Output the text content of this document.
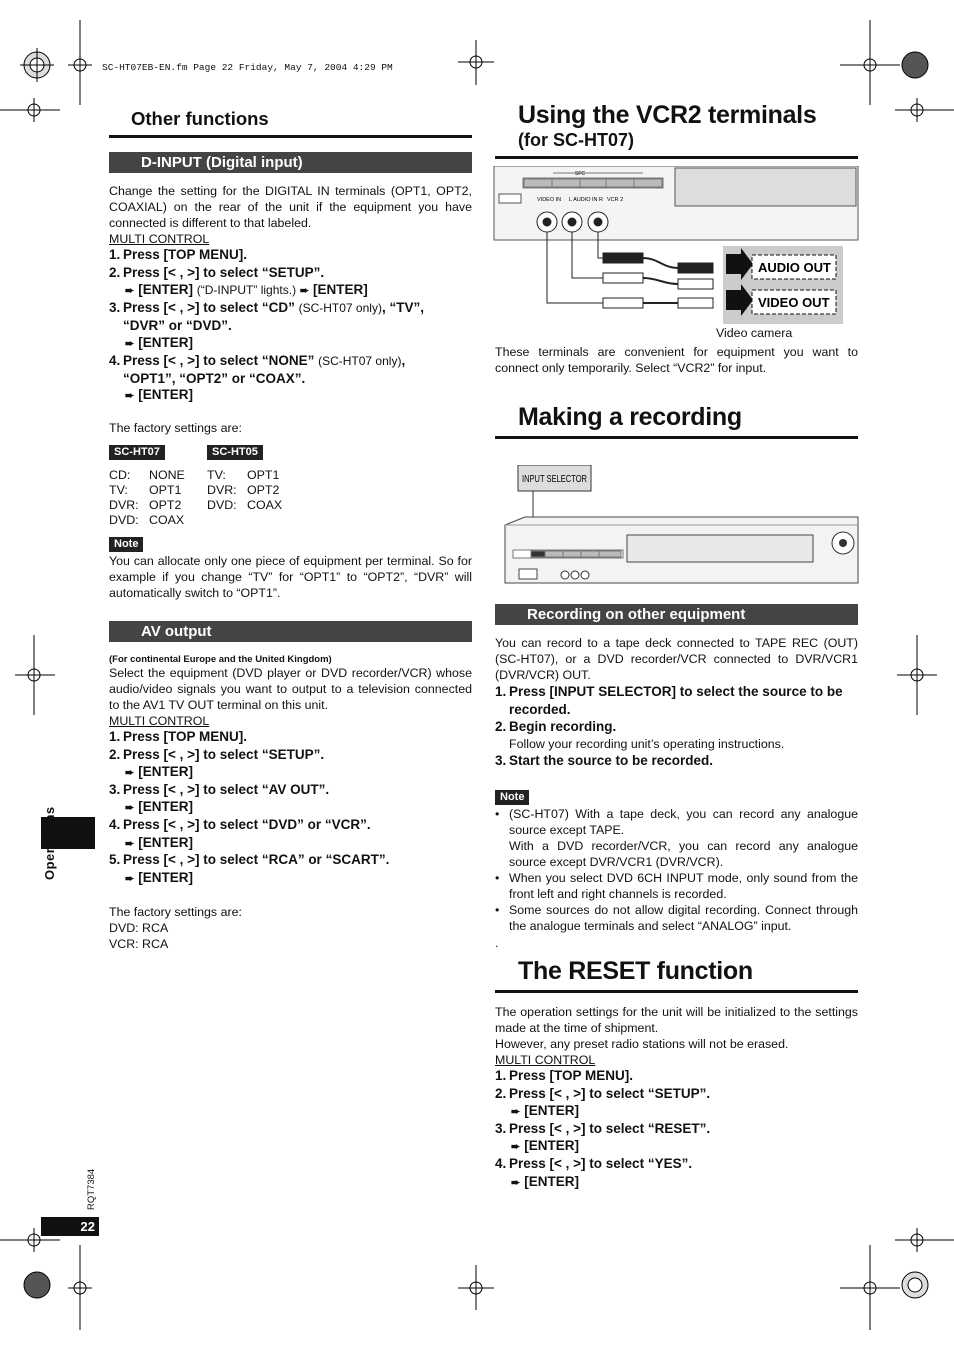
SC-HT07EB-EN.fm Page 22 Friday, May 7, 2004 4:29 PM
Other functions
D-INPUT (Digital input)
Change the setting for the DIGITAL IN terminals (OPT1, OPT2, COAXIAL) on the rear of the unit if the equipment you have connected is different to that labeled.
MULTI CONTROL
1. Press [TOP MENU].
2. Press [< , >] to select “SETUP”.
➨ [ENTER] (“D-INPUT” lights.) ➨ [ENTER]
3. Press [< , >] to select “CD” (SC-HT07 only), “TV”,
“DVR” or “DVD”.
➨ [ENTER]
4. Press [< , >] to select “NONE” (SC-HT07 only),
“OPT1”, “OPT2” or “COAX”.
➨ [ENTER]
The factory settings are:
SC-HT07	SC-HT05
CD: NONE
TV: OPT1
DVR: OPT2
DVD: COAX
TV: OPT1
DVR: OPT2
DVD: COAX
Note
You can allocate only one piece of equipment per terminal. So for example if you change “TV” for “OPT1” to “OPT2”, “DVR” will automatically switch to “OPT1”.
AV output
(For continental Europe and the United Kingdom)
Select the equipment (DVD player or DVD recorder/VCR) whose audio/video signals you want to output to a television connected to the AV1 TV OUT terminal on this unit.
MULTI CONTROL
1. Press [TOP MENU].
2. Press [< , >] to select “SETUP”.
➨ [ENTER]
3. Press [< , >] to select “AV OUT”.
➨ [ENTER]
4. Press [< , >] to select “DVD” or “VCR”.
➨ [ENTER]
5. Press [< , >] to select “RCA” or “SCART”.
➨ [ENTER]
The factory settings are:
DVD: RCA
VCR: RCA
Operations
RQT7384
22
Using the VCR2 terminals
(for SC-HT07)
SFC
VIDEO IN L AUDIO IN R VCR 2
AUDIO OUT
VIDEO OUT
Video camera
These terminals are convenient for equipment you want to connect only temporarily. Select “VCR2” for input.
Making a recording
INPUT SELECTOR
Recording on other equipment
You can record to a tape deck connected to TAPE REC (OUT) (SC-HT07), or a DVD recorder/VCR connected to DVR/VCR1 (DVR/VCR) OUT.
1. Press [INPUT SELECTOR] to select the source to be
recorded.
2. Begin recording.
Follow your recording unit’s operating instructions.
3. Start the source to be recorded.
Note
• (SC-HT07) With a tape deck, you can record any analogue source except TAPE.
With a DVD recorder/VCR, you can record any analogue source except DVR/VCR1 (DVR/VCR).
• When you select DVD 6CH INPUT mode, only sound from the front left and right channels is recorded.
• Some sources do not allow digital recording. Connect through the analogue terminals and select “ANALOG” input.
.
The RESET function
The operation settings for the unit will be initialized to the settings made at the time of shipment.
However, any preset radio stations will not be erased.
MULTI CONTROL
1. Press [TOP MENU].
2. Press [< , >] to select “SETUP”.
➨ [ENTER]
3. Press [< , >] to select “RESET”.
➨ [ENTER]
4. Press [< , >] to select “YES”.
➨ [ENTER]
